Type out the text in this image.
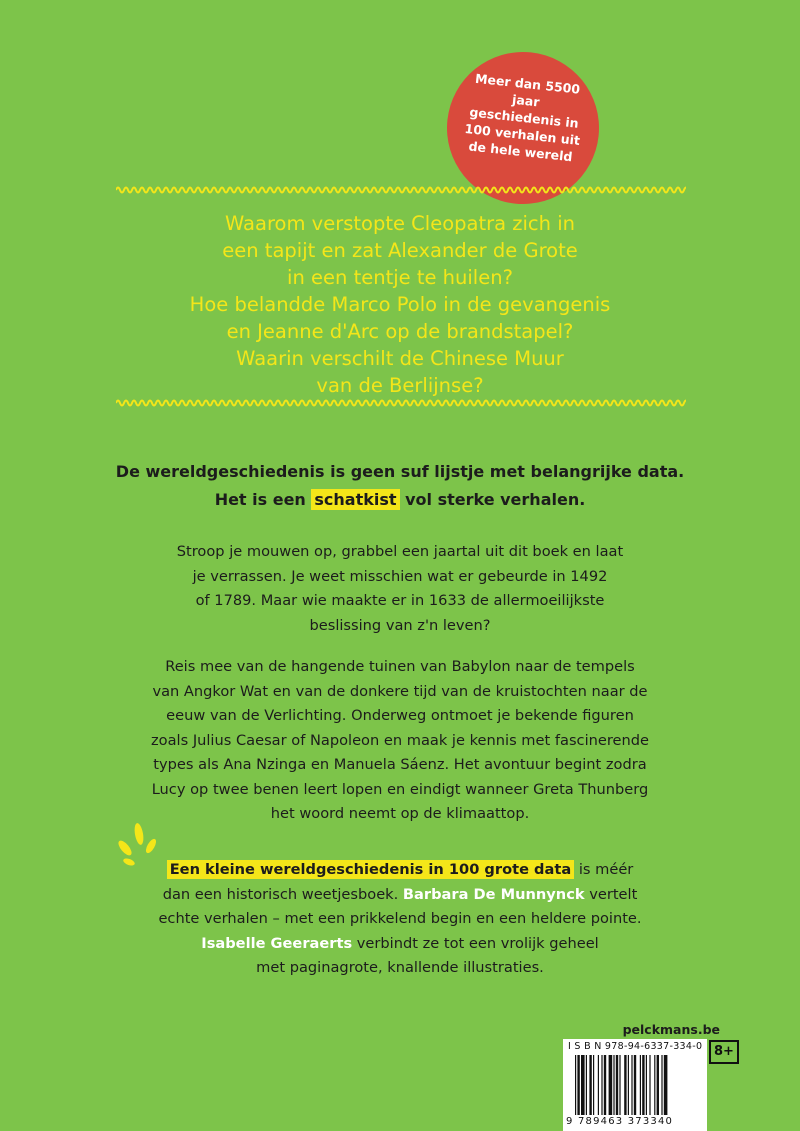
Meer dan 5500 jaar
geschiedenis in
100 verhalen uit
de hele wereld
Waarom verstopte Cleopatra zich in
een tapijt en zat Alexander de Grote
in een tentje te huilen?
Hoe belandde Marco Polo in de gevangenis
en Jeanne d'Arc op de brandstapel?
Waarin verschilt de Chinese Muur
van de Berlijnse?
De wereldgeschiedenis is geen suf lijstje met belangrijke data.
Het is een schatkist vol sterke verhalen.
Stroop je mouwen op, grabbel een jaartal uit dit boek en laat
je verrassen. Je weet misschien wat er gebeurde in 1492
of 1789. Maar wie maakte er in 1633 de allermoeilijkste
beslissing van z'n leven?
Reis mee van de hangende tuinen van Babylon naar de tempels
van Angkor Wat en van de donkere tijd van de kruistochten naar de
eeuw van de Verlichting. Onderweg ontmoet je bekende figuren
zoals Julius Caesar of Napoleon en maak je kennis met fascinerende
types als Ana Nzinga en Manuela Sáenz. Het avontuur begint zodra
Lucy op twee benen leert lopen en eindigt wanneer Greta Thunberg
het woord neemt op de klimaattop.
Een kleine wereldgeschiedenis in 100 grote data is méér
dan een historisch weetjesboek. Barbara De Munnynck vertelt
echte verhalen – met een prikkelend begin en een heldere pointe.
Isabelle Geeraerts verbindt ze tot een vrolijk geheel
met paginagrote, knallende illustraties.
pelckmans.be
I S B N 978-94-6337-334-0
9 789463 373340
8+
